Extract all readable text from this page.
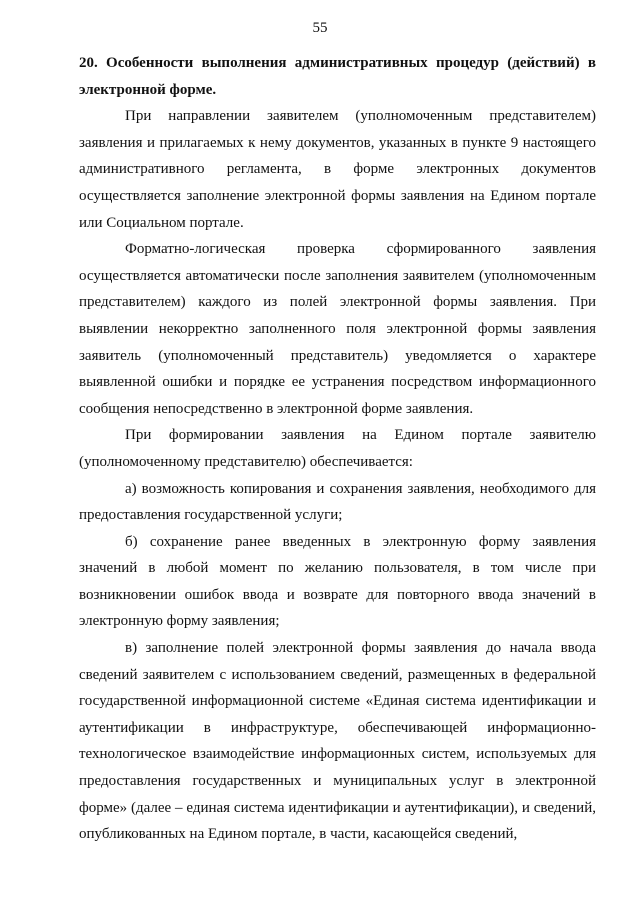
55

20. Особенности выполнения административных процедур (действий) в электронной форме.

При направлении заявителем (уполномоченным представителем) заявления и прилагаемых к нему документов, указанных в пункте 9 настоящего административного регламента, в форме электронных документов осуществляется заполнение электронной формы заявления на Едином портале или Социальном портале.

Форматно-логическая проверка сформированного заявления осуществляется автоматически после заполнения заявителем (уполномоченным представителем) каждого из полей электронной формы заявления. При выявлении некорректно заполненного поля электронной формы заявления заявитель (уполномоченный представитель) уведомляется о характере выявленной ошибки и порядке ее устранения посредством информационного сообщения непосредственно в электронной форме заявления.

При формировании заявления на Едином портале заявителю (уполномоченному представителю) обеспечивается:

а) возможность копирования и сохранения заявления, необходимого для предоставления государственной услуги;

б) сохранение ранее введенных в электронную форму заявления значений в любой момент по желанию пользователя, в том числе при возникновении ошибок ввода и возврате для повторного ввода значений в электронную форму заявления;

в) заполнение полей электронной формы заявления до начала ввода сведений заявителем с использованием сведений, размещенных в федеральной государственной информационной системе «Единая система идентификации и аутентификации в инфраструктуре, обеспечивающей информационно-технологическое взаимодействие информационных систем, используемых для предоставления государственных и муниципальных услуг в электронной форме» (далее – единая система идентификации и аутентификации), и сведений, опубликованных на Едином портале, в части, касающейся сведений,
